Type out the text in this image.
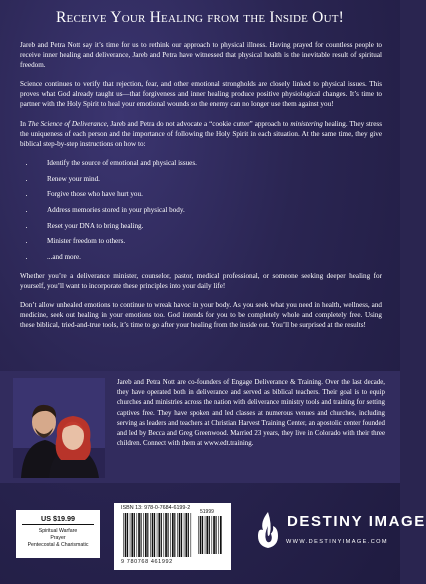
Receive Your Healing from the Inside Out!

Jareb and Petra Nott say it’s time for us to rethink our approach to physical illness. Having prayed for countless people to receive inner healing and deliverance, Jareb and Petra have witnessed that physical health is the inevitable result of spiritual freedom.

Science continues to verify that rejection, fear, and other emotional strongholds are closely linked to physical issues. This proves what God already taught us—that forgiveness and inner healing produce positive physiological changes. It’s time to partner with the Holy Spirit to heal your emotional wounds so the enemy can no longer use them against you!

In The Science of Deliverance, Jareb and Petra do not advocate a “cookie cutter” approach to ministering healing. They stress the uniqueness of each person and the importance of following the Holy Spirit in each situation. At the same time, they give biblical step-by-step instructions on how to:

• Identify the source of emotional and physical issues.
• Renew your mind.
• Forgive those who have hurt you.
• Address memories stored in your physical body.
• Reset your DNA to bring healing.
• Minister freedom to others.
• ...and more.

Whether you’re a deliverance minister, counselor, pastor, medical professional, or someone seeking deeper healing for yourself, you’ll want to incorporate these principles into your daily life!

Don’t allow unhealed emotions to continue to wreak havoc in your body. As you seek what you need in health, wellness, and medicine, seek out healing in your emotions too. God intends for you to be completely whole and completely free. Using these biblical, tried-and-true tools, it’s time to go after your healing from the inside out. You’ll be surprised at the results!

Jareb and Petra Nott are co-founders of Engage Deliverance & Training. Over the last decade, they have operated both in deliverance and served as biblical teachers. Their goal is to equip churches and ministries across the nation with deliverance ministry tools and training for setting captives free. They have spoken and led classes at numerous venues and churches, including serving as leaders and teachers at Christian Harvest Training Center, an apostolic center founded and led by Becca and Greg Greenwood. Married 23 years, they live in Colorado with their three children. Connect with them at www.edt.training.
US $19.99
Spiritual Warfare
Prayer
Pentecostal & Charismatic
ISBN 13: 978-0-7684-6199-2
51999
9 780768 461992
DESTINY IMAGE
WWW.DESTINYIMAGE.COM
